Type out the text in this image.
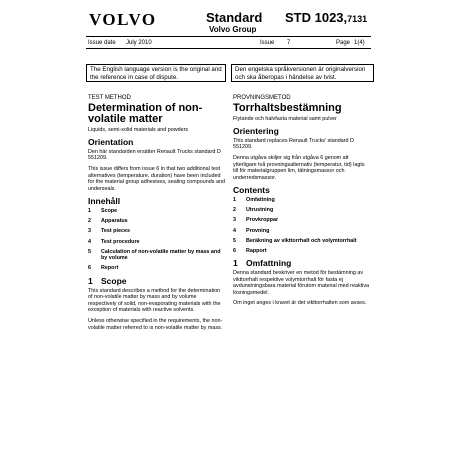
VOLVO	Standard
Volvo Group
STD 1023,7131
Issue date July 2010	Issue 7	Page 1(4)
The English language version is the original and the reference in case of dispute.
Den engelska språkversionen är originalversion och ska åberopas i händelse av tvist.
TEST METHOD
Determination of non-volatile matter

Liquids, semi-solid materials and powders

Orientation

Den här standarden ersätter Renault Trucks standard D 551209.

This issue differs from issue 6 in that two additional test alternatives (temperature, duration) have been included for the material group adhesives, sealing compounds and underseals.

Innehåll
1	Scope
2	Apparatus
3	Test pieces
4	Test procedure
5	Calculation of non-volatile matter by mass and by volume
6	Report
1 Scope

This standard describes a method for the determination of non-volatile matter by mass and by volume respectively of solid, non-evaporating materials with the exception of materials with reactive solvents.

Unless otherwise specified in the requirements, the non-volatile matter referred to is non-volatile matter by mass.

PROVNINGSMETOD
Torrhaltsbestämning

Flytande och halvfasta material samt pulver

Orientering

This standard replaces Renault Trucks' standard D 551209.

Denna utgåva skiljer sig från utgåva 6 genom att ytterligare två provningsalternativ (temperatur, tid) lagts till för materialgruppen lim, tätningsmassor och underredsmassor.

Contents
1	Omfattning
2	Utrustning
3	Provkroppar
4	Provning
5	Beräkning av vikttorrhalt och volymtorrhalt
6	Rapport
1 Omfattning

Denna standard beskriver en metod för bestämning av vikttorrhalt respektive volymtorrhalt för fasta ej avdunstningsbara material förutom material med reaktiva lösningsmedel.

Om inget anges i kravet är det vikttorrhalten som avses.
